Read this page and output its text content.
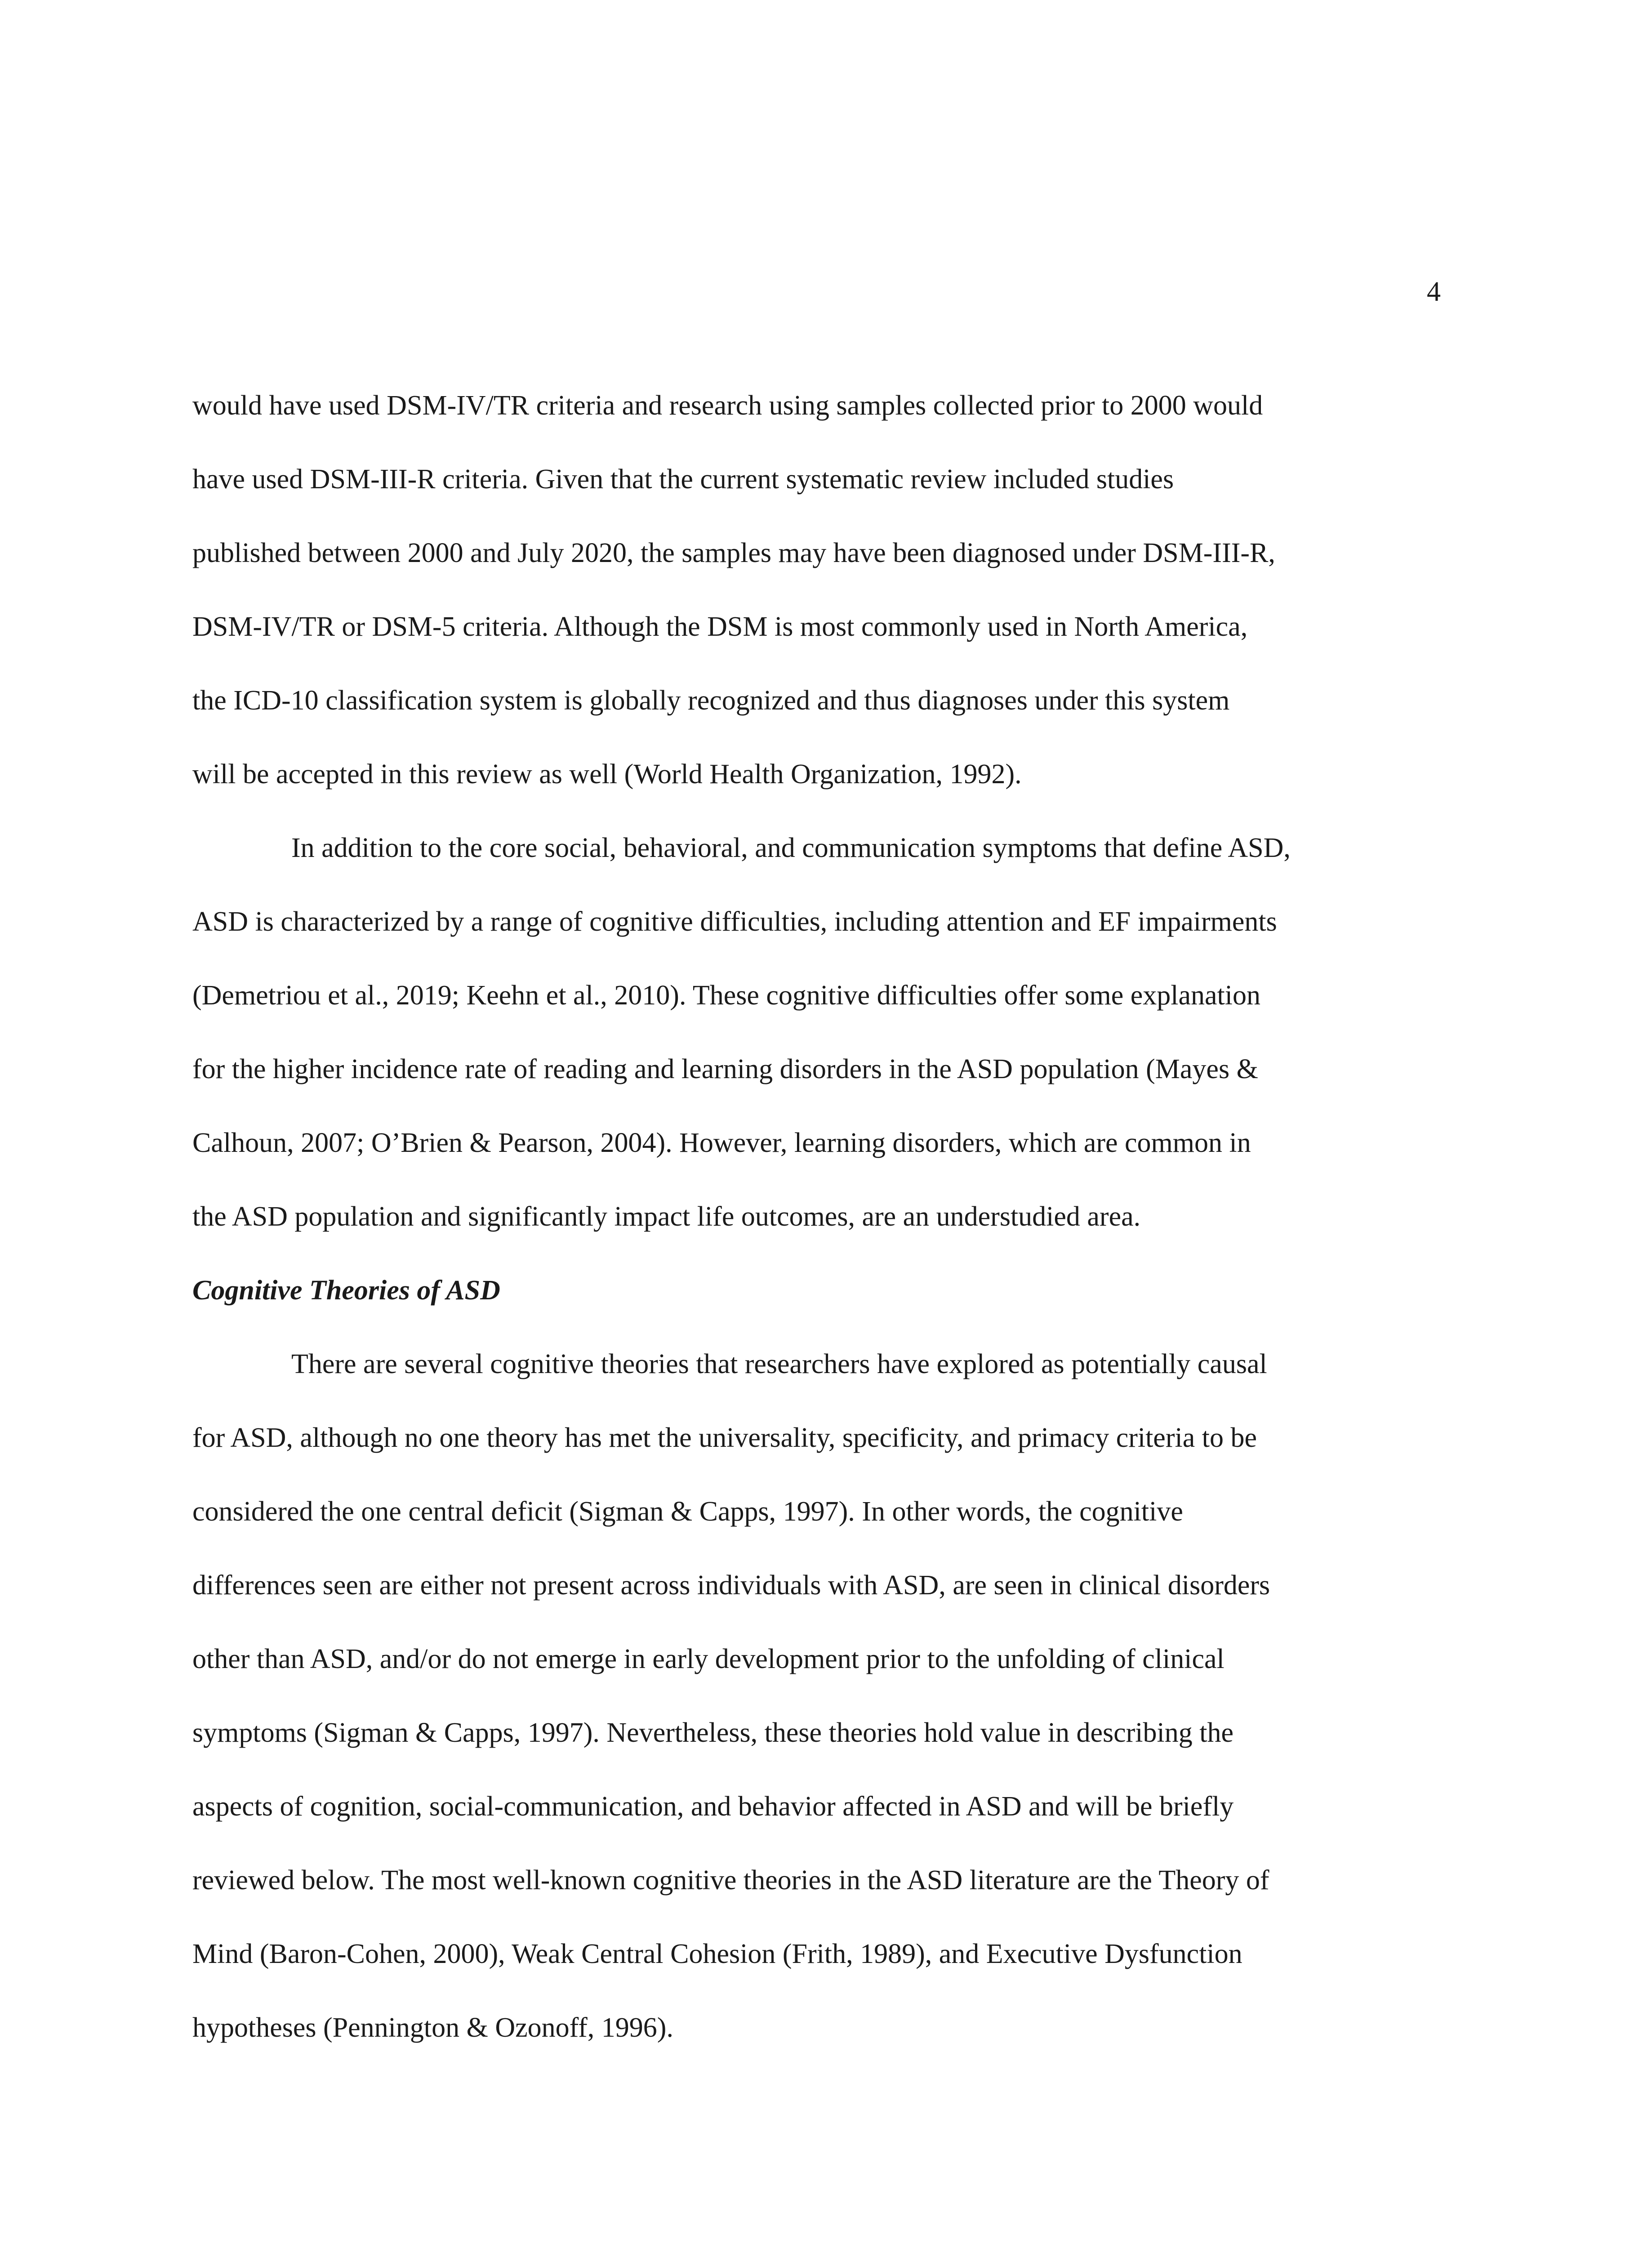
4
would have used DSM-IV/TR criteria and research using samples collected prior to 2000 would
have used DSM-III-R criteria. Given that the current systematic review included studies
published between 2000 and July 2020, the samples may have been diagnosed under DSM-III-R,
DSM-IV/TR or DSM-5 criteria. Although the DSM is most commonly used in North America,
the ICD-10 classification system is globally recognized and thus diagnoses under this system
will be accepted in this review as well (World Health Organization, 1992).
In addition to the core social, behavioral, and communication symptoms that define ASD,
ASD is characterized by a range of cognitive difficulties, including attention and EF impairments
(Demetriou et al., 2019; Keehn et al., 2010). These cognitive difficulties offer some explanation
for the higher incidence rate of reading and learning disorders in the ASD population (Mayes &
Calhoun, 2007; O’Brien & Pearson, 2004). However, learning disorders, which are common in
the ASD population and significantly impact life outcomes, are an understudied area.
Cognitive Theories of ASD
There are several cognitive theories that researchers have explored as potentially causal
for ASD, although no one theory has met the universality, specificity, and primacy criteria to be
considered the one central deficit (Sigman & Capps, 1997). In other words, the cognitive
differences seen are either not present across individuals with ASD, are seen in clinical disorders
other than ASD, and/or do not emerge in early development prior to the unfolding of clinical
symptoms (Sigman & Capps, 1997). Nevertheless, these theories hold value in describing the
aspects of cognition, social-communication, and behavior affected in ASD and will be briefly
reviewed below. The most well-known cognitive theories in the ASD literature are the Theory of
Mind (Baron-Cohen, 2000), Weak Central Cohesion (Frith, 1989), and Executive Dysfunction
hypotheses (Pennington & Ozonoff, 1996).
